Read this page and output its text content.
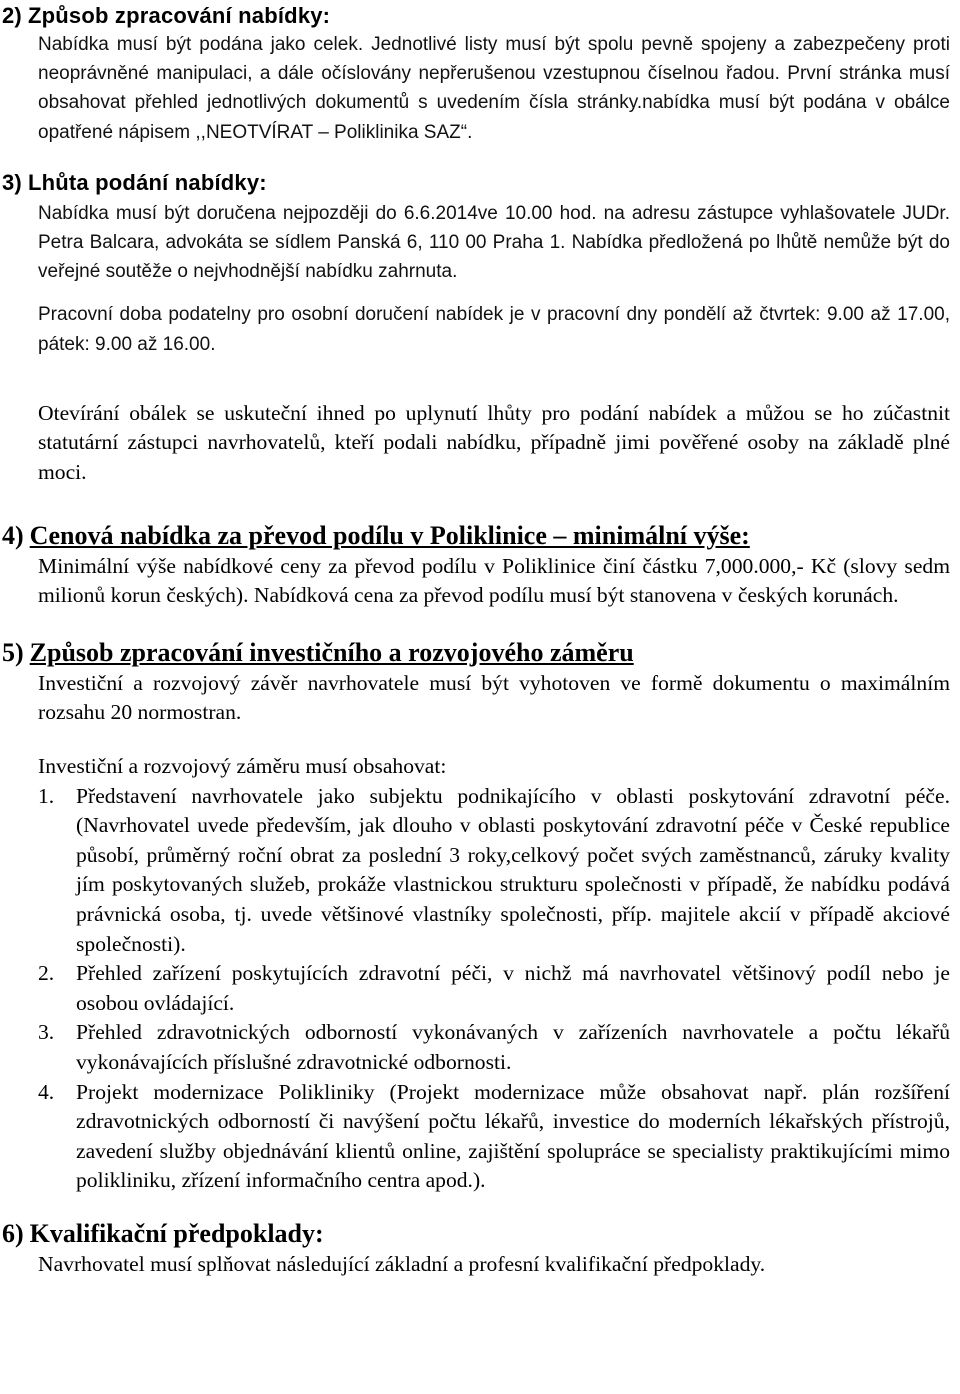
2) Způsob zpracování nabídky:

Nabídka musí být podána jako celek. Jednotlivé listy musí být spolu pevně spojeny a zabezpečeny proti neoprávněné manipulaci, a dále očíslovány nepřerušenou vzestupnou číselnou řadou. První stránka musí obsahovat přehled jednotlivých dokumentů s uvedením čísla stránky.nabídka musí být podána v obálce opatřené nápisem ,,NEOTVÍRAT – Poliklinika SAZ“.

3) Lhůta podání nabídky:

Nabídka musí být doručena nejpozději do 6.6.2014ve 10.00 hod. na adresu zástupce vyhlašovatele JUDr. Petra Balcara, advokáta se sídlem Panská 6, 110 00 Praha 1. Nabídka předložená po lhůtě nemůže být do veřejné soutěže o nejvhodnější nabídku zahrnuta.

Pracovní doba podatelny pro osobní doručení nabídek je v pracovní dny pondělí až čtvrtek: 9.00 až 17.00, pátek: 9.00 až 16.00.

Otevírání obálek se uskuteční ihned po uplynutí lhůty pro podání nabídek a můžou se ho zúčastnit statutární zástupci navrhovatelů, kteří podali nabídku, případně jimi pověřené osoby na základě plné moci.

4) Cenová nabídka za převod podílu v Poliklinice – minimální výše:

Minimální výše nabídkové ceny za převod podílu v Poliklinice činí částku 7,000.000,- Kč (slovy sedm milionů korun českých). Nabídková cena za převod podílu musí být stanovena v českých korunách.

5) Způsob zpracování investičního a rozvojového záměru

Investiční a rozvojový závěr navrhovatele musí být vyhotoven ve formě dokumentu o maximálním rozsahu 20 normostran.

Investiční a rozvojový záměru musí obsahovat:

1. Představení navrhovatele jako subjektu podnikajícího v oblasti poskytování zdravotní péče. (Navrhovatel uvede především, jak dlouho v oblasti poskytování zdravotní péče v České republice působí, průměrný roční obrat za poslední 3 roky,celkový počet svých zaměstnanců, záruky kvality jím poskytovaných služeb, prokáže vlastnickou strukturu společnosti v případě, že nabídku podává právnická osoba, tj. uvede většinové vlastníky společnosti, příp. majitele akcií v případě akciové společnosti).
2. Přehled zařízení poskytujících zdravotní péči, v nichž má navrhovatel většinový podíl nebo je osobou ovládající.
3. Přehled zdravotnických odborností vykonávaných v zařízeních navrhovatele a počtu lékařů vykonávajících příslušné zdravotnické odbornosti.
4. Projekt modernizace Polikliniky (Projekt modernizace může obsahovat např. plán rozšíření zdravotnických odborností či navýšení počtu lékařů, investice do moderních lékařských přístrojů, zavedení služby objednávání klientů online, zajištění spolupráce se specialisty praktikujícími mimo polikliniku, zřízení informačního centra apod.).
6) Kvalifikační předpoklady:

Navrhovatel musí splňovat následující základní a profesní kvalifikační předpoklady.
